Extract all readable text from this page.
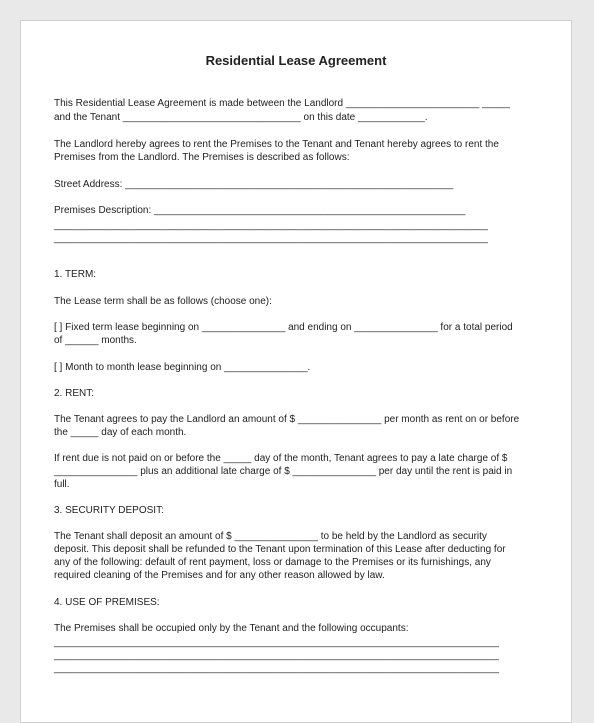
Residential Lease Agreement
This Residential Lease Agreement is made between the Landlord ________________________ _____
and the Tenant ________________________________ on this date ____________.
The Landlord hereby agrees to rent the Premises to the Tenant and Tenant hereby agrees to rent the
Premises from the Landlord. The Premises is described as follows:
Street Address: ___________________________________________________________
Premises Description: ________________________________________________________
______________________________________________________________________________
______________________________________________________________________________
1. TERM:
The Lease term shall be as follows (choose one):
[ ] Fixed term lease beginning on _______________ and ending on _______________ for a total period
of ______ months.
[ ] Month to month lease beginning on _______________.
2. RENT:
The Tenant agrees to pay the Landlord an amount of $ _______________ per month as rent on or before
the _____ day of each month.
If rent due is not paid on or before the _____ day of the month, Tenant agrees to pay a late charge of $
_______________ plus an additional late charge of $ _______________ per day until the rent is paid in
full.
3. SECURITY DEPOSIT:
The Tenant shall deposit an amount of $ _______________ to be held by the Landlord as security
deposit. This deposit shall be refunded to the Tenant upon termination of this Lease after deducting for
any of the following: default of rent payment, loss or damage to the Premises or its furnishings, any
required cleaning of the Premises and for any other reason allowed by law.
4. USE OF PREMISES:
The Premises shall be occupied only by the Tenant and the following occupants:
________________________________________________________________________________
________________________________________________________________________________
________________________________________________________________________________
